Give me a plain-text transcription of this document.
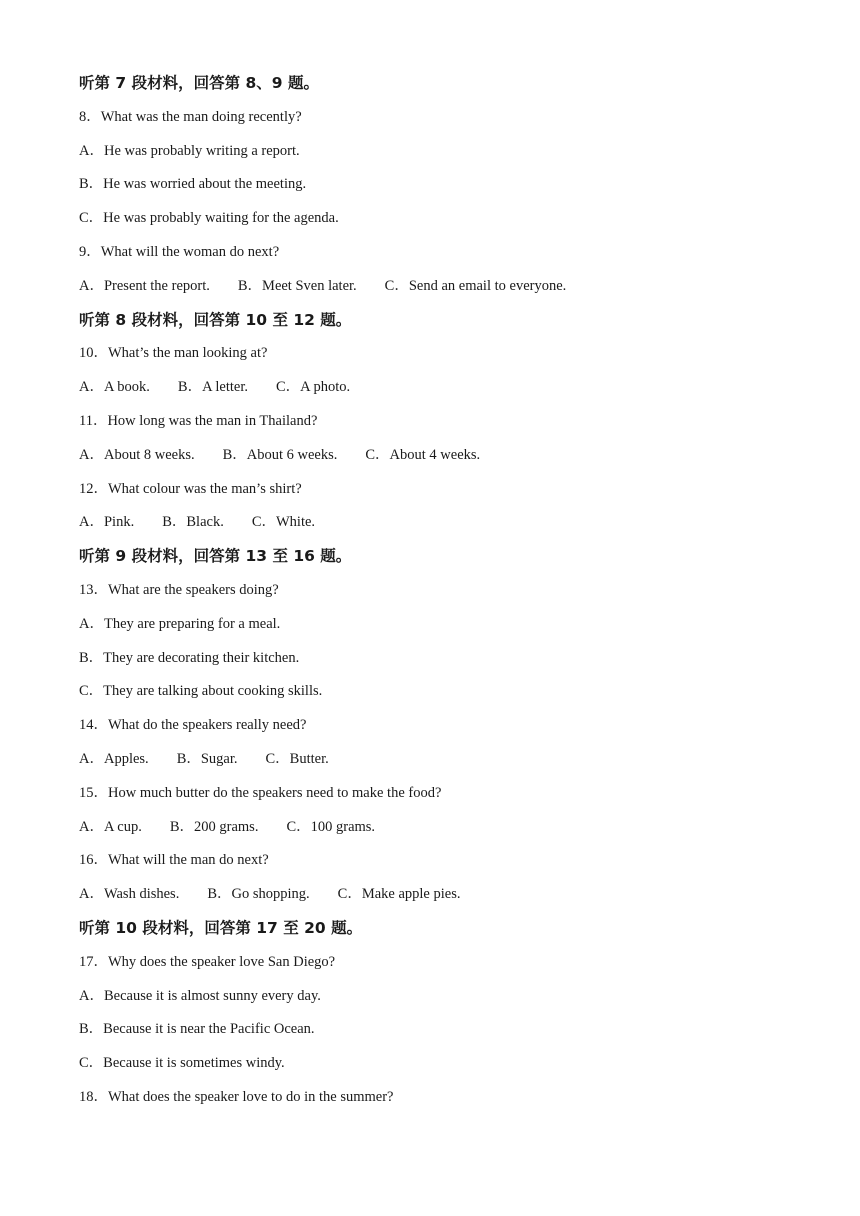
听第 7 段材料，回答第 8、9 题。
8．What was the man doing recently?
A．He was probably writing a report.
B．He was worried about the meeting.
C．He was probably waiting for the agenda.
9．What will the woman do next?
A．Present the report. B．Meet Sven later. C．Send an email to everyone.
听第 8 段材料，回答第 10 至 12 题。
10．What’s the man looking at?
A．A book. B．A letter. C．A photo.
11．How long was the man in Thailand?
A．About 8 weeks. B．About 6 weeks. C．About 4 weeks.
12．What colour was the man’s shirt?
A．Pink. B．Black. C．White.
听第 9 段材料，回答第 13 至 16 题。
13．What are the speakers doing?
A．They are preparing for a meal.
B．They are decorating their kitchen.
C．They are talking about cooking skills.
14．What do the speakers really need?
A．Apples. B．Sugar. C．Butter.
15．How much butter do the speakers need to make the food?
A．A cup. B．200 grams. C．100 grams.
16．What will the man do next?
A．Wash dishes. B．Go shopping. C．Make apple pies.
听第 10 段材料，回答第 17 至 20 题。
17．Why does the speaker love San Diego?
A．Because it is almost sunny every day.
B．Because it is near the Pacific Ocean.
C．Because it is sometimes windy.
18．What does the speaker love to do in the summer?
